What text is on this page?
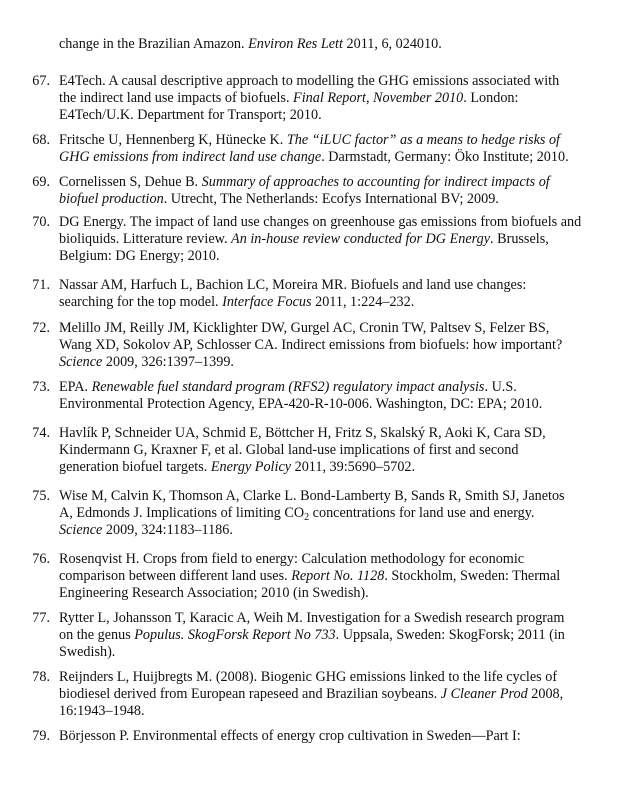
change in the Brazilian Amazon. Environ Res Lett 2011, 6, 024010.
67. E4Tech. A causal descriptive approach to modelling the GHG emissions associated with
the indirect land use impacts of biofuels. Final Report, November 2010. London:
E4Tech/U.K. Department for Transport; 2010.
68. Fritsche U, Hennenberg K, Hünecke K. The “iLUC factor” as a means to hedge risks of
GHG emissions from indirect land use change. Darmstadt, Germany: Öko Institute; 2010.
69. Cornelissen S, Dehue B. Summary of approaches to accounting for indirect impacts of
biofuel production. Utrecht, The Netherlands: Ecofys International BV; 2009.
70. DG Energy. The impact of land use changes on greenhouse gas emissions from biofuels and
bioliquids. Litterature review. An in-house review conducted for DG Energy. Brussels,
Belgium: DG Energy; 2010.
71. Nassar AM, Harfuch L, Bachion LC, Moreira MR. Biofuels and land use changes:
searching for the top model. Interface Focus 2011, 1:224–232.
72. Melillo JM, Reilly JM, Kicklighter DW, Gurgel AC, Cronin TW, Paltsev S, Felzer BS,
Wang XD, Sokolov AP, Schlosser CA. Indirect emissions from biofuels: how important?
Science 2009, 326:1397–1399.
73. EPA. Renewable fuel standard program (RFS2) regulatory impact analysis. U.S.
Environmental Protection Agency, EPA-420-R-10-006. Washington, DC: EPA; 2010.
74. Havlík P, Schneider UA, Schmid E, Böttcher H, Fritz S, Skalský R, Aoki K, Cara SD,
Kindermann G, Kraxner F, et al. Global land-use implications of first and second
generation biofuel targets. Energy Policy 2011, 39:5690–5702.
75. Wise M, Calvin K, Thomson A, Clarke L. Bond-Lamberty B, Sands R, Smith SJ, Janetos
A, Edmonds J. Implications of limiting $CO_2$ concentrations for land use and energy.
Science 2009, 324:1183–1186.
76. Rosenqvist H. Crops from field to energy: Calculation methodology for economic
comparison between different land uses. Report No. 1128. Stockholm, Sweden: Thermal
Engineering Research Association; 2010 (in Swedish).
77. Rytter L, Johansson T, Karacic A, Weih M. Investigation for a Swedish research program
on the genus Populus. SkogForsk Report No 733. Uppsala, Sweden: SkogForsk; 2011 (in
Swedish).
78. Reijnders L, Huijbregts M. (2008). Biogenic GHG emissions linked to the life cycles of
biodiesel derived from European rapeseed and Brazilian soybeans. J Cleaner Prod 2008,
16:1943–1948.
79. Börjesson P. Environmental effects of energy crop cultivation in Sweden—Part I:
